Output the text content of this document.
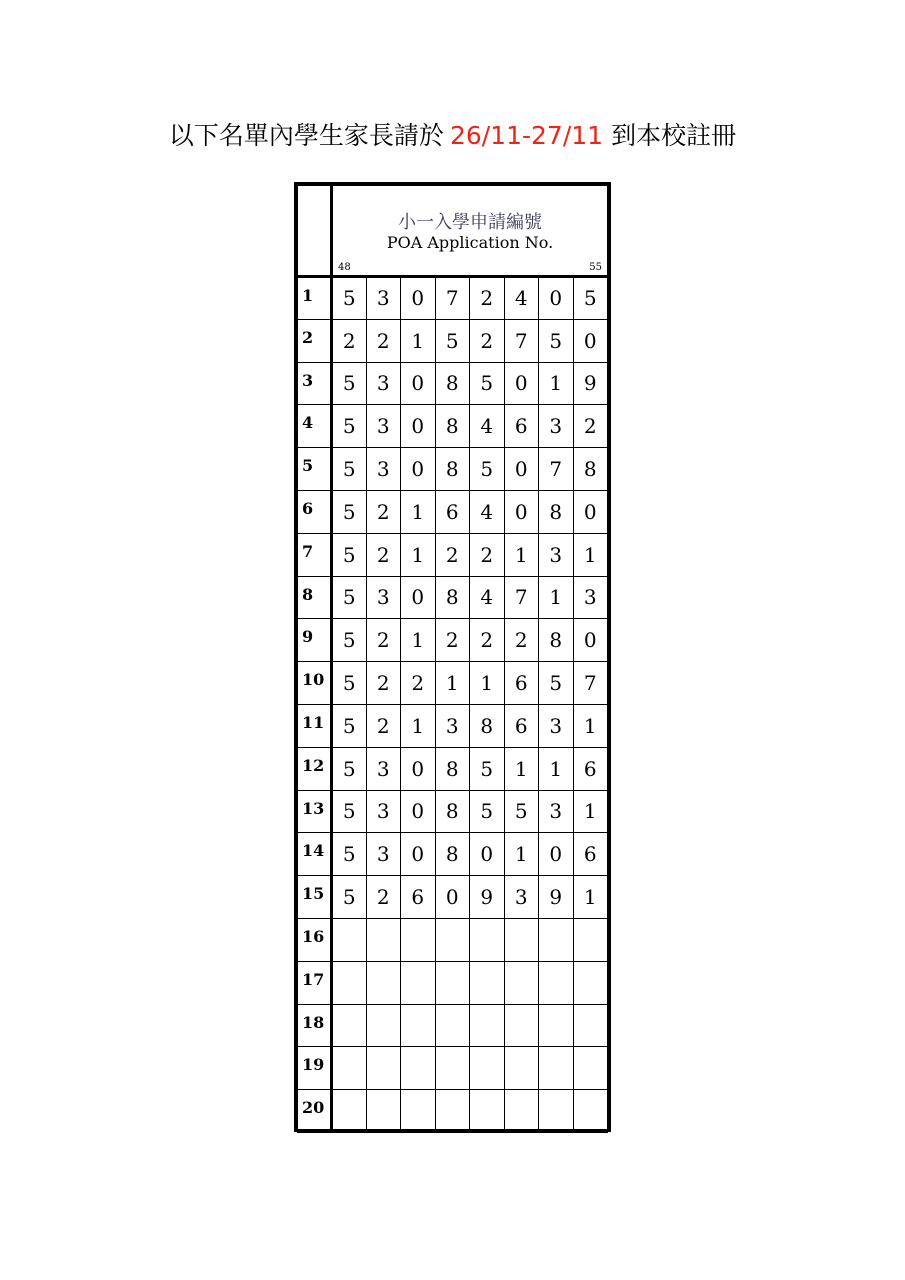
以下名單內學生家長請於 26/11-27/11 到本校註冊

	小一入學申請編號
POA Application No.
48 55							

1	5	3	0	7	2	4	0	5
2	2	2	1	5	2	7	5	0
3	5	3	0	8	5	0	1	9
4	5	3	0	8	4	6	3	2
5	5	3	0	8	5	0	7	8
6	5	2	1	6	4	0	8	0
7	5	2	1	2	2	1	3	1
8	5	3	0	8	4	7	1	3
9	5	2	1	2	2	2	8	0
10	5	2	2	1	1	6	5	7
11	5	2	1	3	8	6	3	1
12	5	3	0	8	5	1	1	6
13	5	3	0	8	5	5	3	1
14	5	3	0	8	0	1	0	6
15	5	2	6	0	9	3	9	1
16								
17								
18								
19								
20								
